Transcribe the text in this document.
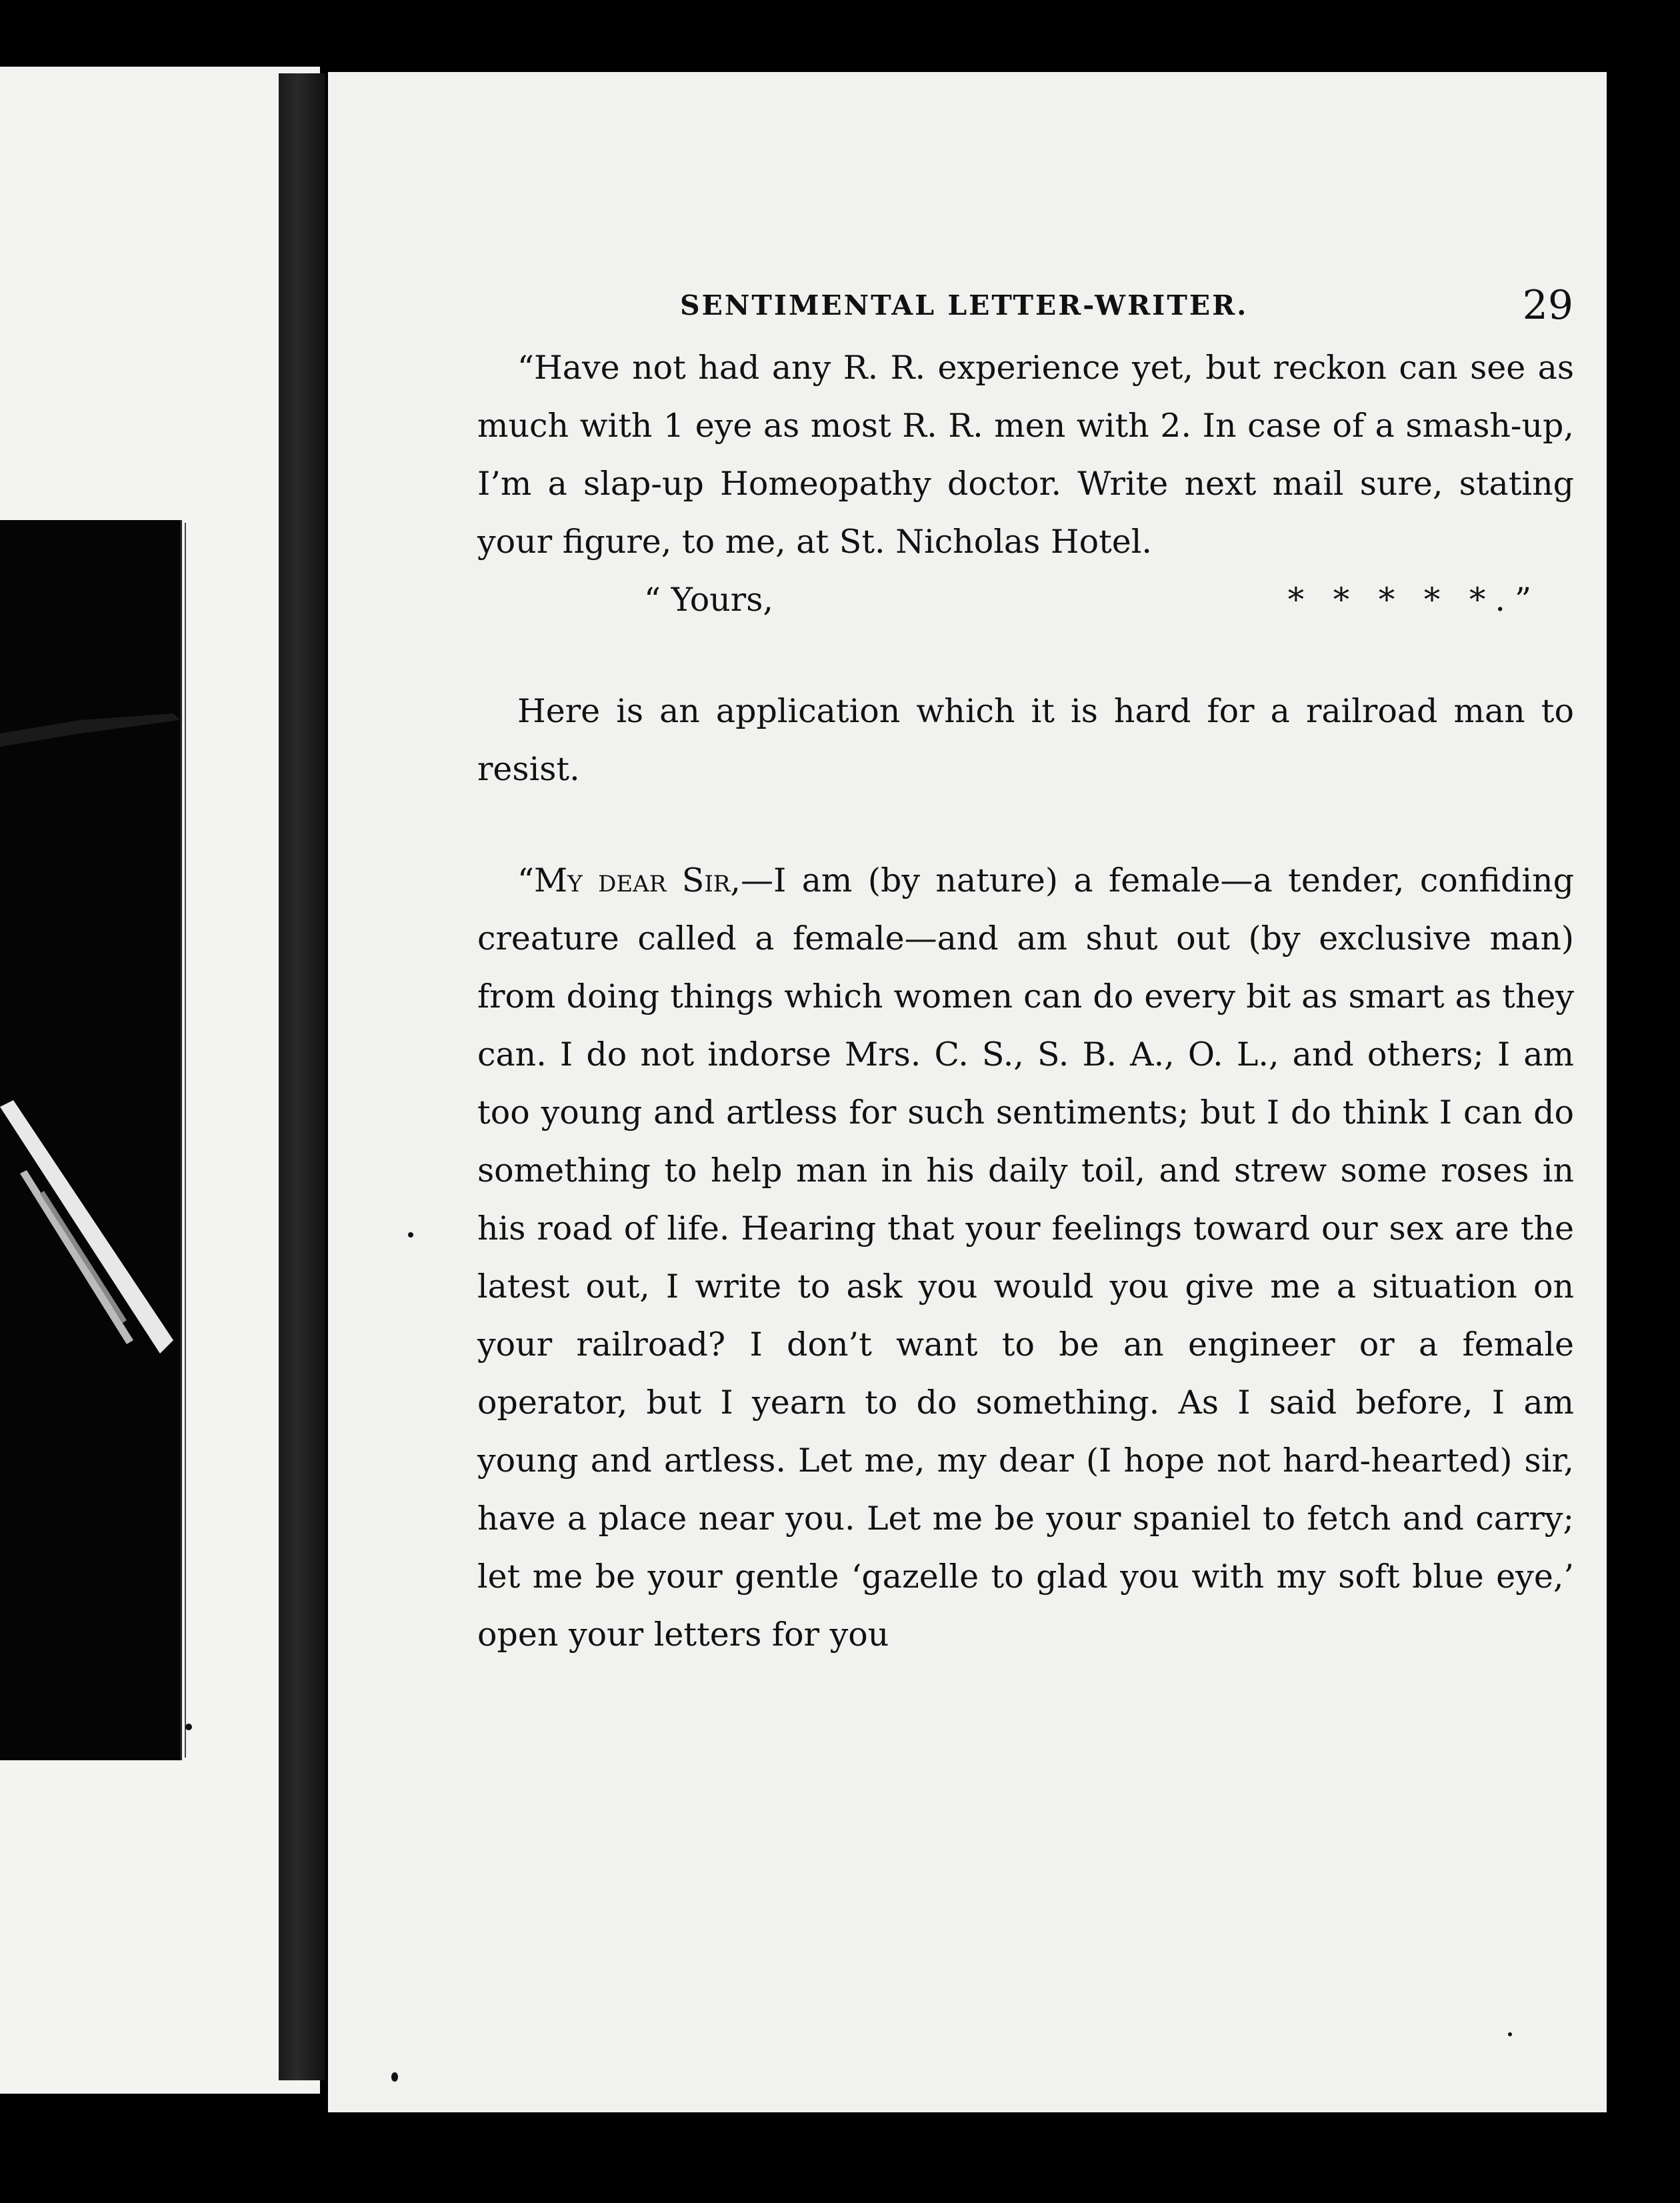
SENTIMENTAL LETTER-WRITER.	29

“Have not had any R. R. experience yet, but reckon can see as much with 1 eye as most R. R. men with 2. In case of a smash-up, I’m a slap-up Homeopathy doctor. Write next mail sure, stating your figure, to me, at St. Nicholas Hotel.

“ Yours,	* * * * *.”

Here is an application which it is hard for a railroad man to resist.

“My dear Sir,—I am (by nature) a female—a tender, confiding creature called a female—and am shut out (by exclusive man) from doing things which women can do every bit as smart as they can. I do not indorse Mrs. C. S., S. B. A., O. L., and others; I am too young and artless for such sentiments; but I do think I can do something to help man in his daily toil, and strew some roses in his road of life. Hearing that your feelings toward our sex are the latest out, I write to ask you would you give me a situation on your railroad? I don’t want to be an engineer or a female operator, but I yearn to do something. As I said before, I am young and artless. Let me, my dear (I hope not hard-hearted) sir, have a place near you. Let me be your spaniel to fetch and carry; let me be your gentle ‘gazelle to glad you with my soft blue eye,’ open your letters for you
